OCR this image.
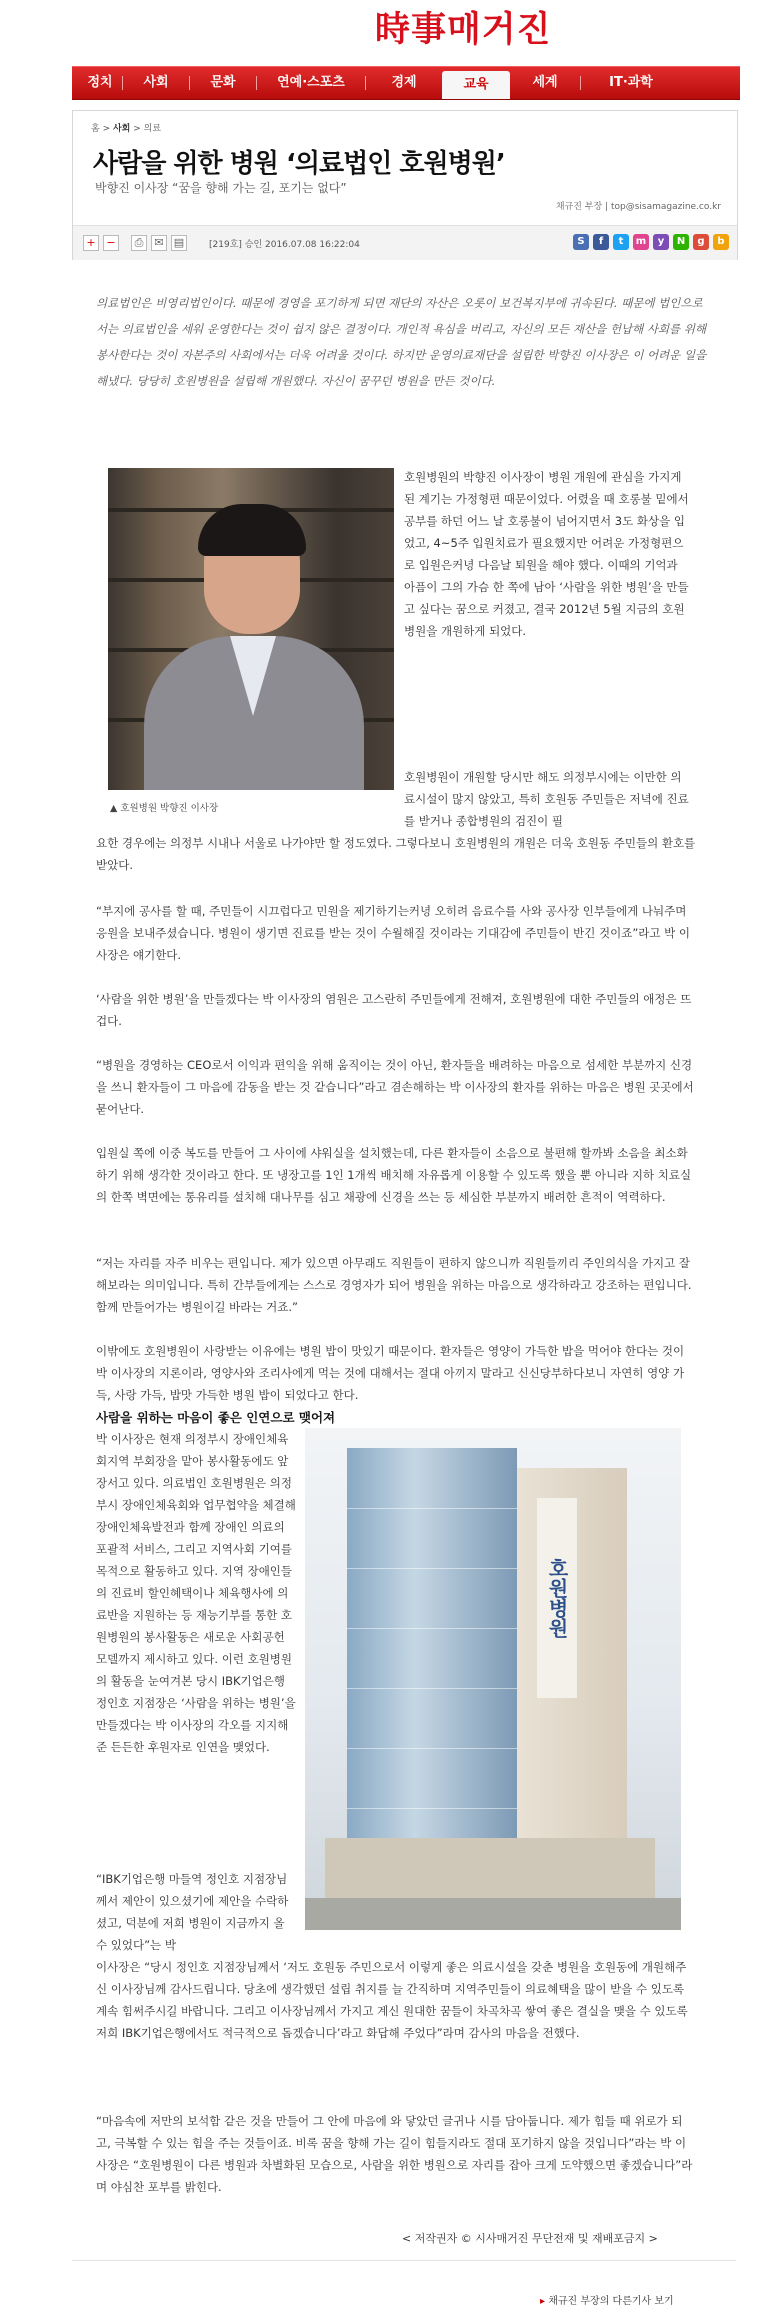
時事매거진
정치	사회	문화	연예·스포츠	경제	교육	세계	IT·과학
홈 > 사회 > 의료
사람을 위한 병원 ‘의료법인 호원병원’
박향진 이사장 “꿈을 향해 가는 길, 포기는 없다”
채규진 부장 | top@sisamagazine.co.kr
+ −	⎙ ✉ ▤	[219호] 승인 2016.07.08 16:22:04	S	f	t	m	y	N	g	b
의료법인은 비영리법인이다. 때문에 경영을 포기하게 되면 재단의 자산은 오롯이 보건복지부에 귀속된다. 때문에 법인으로서는 의료법인을 세워 운영한다는 것이 쉽지 않은 결정이다. 개인적 욕심을 버리고, 자신의 모든 재산을 헌납해 사회를 위해 봉사한다는 것이 자본주의 사회에서는 더욱 어려울 것이다. 하지만 운영의료재단을 설립한 박향진 이사장은 이 어려운 일을 해냈다. 당당히 호원병원을 설립해 개원했다. 자신이 꿈꾸던 병원을 만든 것이다.
▲ 호원병원 박향진 이사장
호원병원의 박향진 이사장이 병원 개원에 관심을 가지게 된 계기는 가정형편 때문이었다. 어렸을 때 호롱불 밑에서 공부를 하던 어느 날 호롱불이 넘어지면서 3도 화상을 입었고, 4~5주 입원치료가 필요했지만 어려운 가정형편으로 입원은커녕 다음날 퇴원을 해야 했다. 이때의 기억과 아픔이 그의 가슴 한 쪽에 남아 ‘사람을 위한 병원’을 만들고 싶다는 꿈으로 커졌고, 결국 2012년 5월 지금의 호원병원을 개원하게 되었다.
호원병원이 개원할 당시만 해도 의정부시에는 이만한 의료시설이 많지 않았고, 특히 호원동 주민들은 저녁에 진료를 받거나 종합병원의 검진이 필
요한 경우에는 의정부 시내나 서울로 나가야만 할 정도였다. 그렇다보니 호원병원의 개원은 더욱 호원동 주민들의 환호를 받았다.
“부지에 공사를 할 때, 주민들이 시끄럽다고 민원을 제기하기는커녕 오히려 음료수를 사와 공사장 인부들에게 나눠주며 응원을 보내주셨습니다. 병원이 생기면 진료를 받는 것이 수월해질 것이라는 기대감에 주민들이 반긴 것이죠”라고 박 이사장은 얘기한다.
‘사람을 위한 병원’을 만들겠다는 박 이사장의 염원은 고스란히 주민들에게 전해져, 호원병원에 대한 주민들의 애정은 뜨겁다.
“병원을 경영하는 CEO로서 이익과 편익을 위해 움직이는 것이 아닌, 환자들을 배려하는 마음으로 섬세한 부분까지 신경을 쓰니 환자들이 그 마음에 감동을 받는 것 같습니다”라고 겸손해하는 박 이사장의 환자를 위하는 마음은 병원 곳곳에서 묻어난다.
입원실 쪽에 이중 복도를 만들어 그 사이에 샤워실을 설치했는데, 다른 환자들이 소음으로 불편해 할까봐 소음을 최소화하기 위해 생각한 것이라고 한다. 또 냉장고를 1인 1개씩 배치해 자유롭게 이용할 수 있도록 했을 뿐 아니라 지하 치료실의 한쪽 벽면에는 통유리를 설치해 대나무를 심고 채광에 신경을 쓰는 등 세심한 부분까지 배려한 흔적이 역력하다.
“저는 자리를 자주 비우는 편입니다. 제가 있으면 아무래도 직원들이 편하지 않으니까 직원들끼리 주인의식을 가지고 잘해보라는 의미입니다. 특히 간부들에게는 스스로 경영자가 되어 병원을 위하는 마음으로 생각하라고 강조하는 편입니다. 함께 만들어가는 병원이길 바라는 거죠.”
이밖에도 호원병원이 사랑받는 이유에는 병원 밥이 맛있기 때문이다. 환자들은 영양이 가득한 밥을 먹어야 한다는 것이 박 이사장의 지론이라, 영양사와 조리사에게 먹는 것에 대해서는 절대 아끼지 말라고 신신당부하다보니 자연히 영양 가득, 사랑 가득, 밥맛 가득한 병원 밥이 되었다고 한다.
사람을 위하는 마음이 좋은 인연으로 맺어져
박 이사장은 현재 의정부시 장애인체육회지역 부회장을 맡아 봉사활동에도 앞장서고 있다. 의료법인 호원병원은 의정부시 장애인체육회와 업무협약을 체결해 장애인체육발전과 함께 장애인 의료의 포괄적 서비스, 그리고 지역사회 기여를 목적으로 활동하고 있다. 지역 장애인들의 진료비 할인혜택이나 체육행사에 의료반을 지원하는 등 재능기부를 통한 호원병원의 봉사활동은 새로운 사회공헌 모델까지 제시하고 있다. 이런 호원병원의 활동을 눈여겨본 당시 IBK기업은행 정인호 지점장은 ‘사람을 위하는 병원’을 만들겠다는 박 이사장의 각오를 지지해준 든든한 후원자로 인연을 맺었다.
“IBK기업은행 마들역 정인호 지점장님께서 제안이 있으셨기에 제안을 수락하셨고, 덕분에 저희 병원이 지금까지 올 수 있었다”는 박
이사장은 “당시 정인호 지점장님께서 ‘저도 호원동 주민으로서 이렇게 좋은 의료시설을 갖춘 병원을 호원동에 개원해주신 이사장님께 감사드립니다. 당초에 생각했던 설립 취지를 늘 간직하며 지역주민들이 의료혜택을 많이 받을 수 있도록 계속 힘써주시길 바랍니다. 그리고 이사장님께서 가지고 계신 원대한 꿈들이 차곡차곡 쌓여 좋은 결실을 맺을 수 있도록 저희 IBK기업은행에서도 적극적으로 돕겠습니다’라고 화답해 주었다”라며 감사의 마음을 전했다.
“마음속에 저만의 보석함 같은 것을 만들어 그 안에 마음에 와 닿았던 글귀나 시를 담아둡니다. 제가 힘들 때 위로가 되고, 극복할 수 있는 힘을 주는 것들이죠. 비록 꿈을 향해 가는 길이 힘들지라도 절대 포기하지 않을 것입니다”라는 박 이사장은 “호원병원이 다른 병원과 차별화된 모습으로, 사람을 위한 병원으로 자리를 잡아 크게 도약했으면 좋겠습니다”라며 야심찬 포부를 밝힌다.
호원병원
< 저작권자 © 시사매거진 무단전재 및 재배포금지 >
▸ 채규진 부장의 다른기사 보기
